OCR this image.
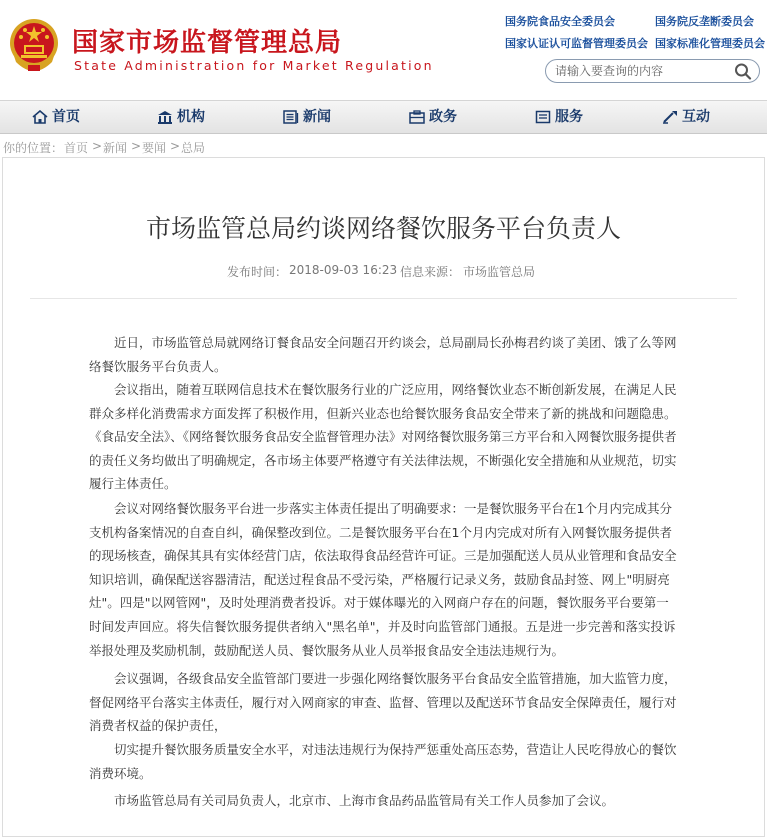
国家市场监督管理总局
State Administration for Market Regulation
国务院食品安全委员会	国务院反垄断委员会
国家认证认可监督管理委员会 国家标准化管理委员会
请输入要查询的内容
首页	机构	新闻	政务	服务	互动
你的位置： 首页 > 新闻 > 要闻 > 总局
市场监管总局约谈网络餐饮服务平台负责人
发布时间： 2018-09-03 16:23 信息来源： 市场监管总局
近日，市场监管总局就网络订餐食品安全问题召开约谈会，总局副局长孙梅君约谈了美团、饿了么等网络餐饮服务平台负责人。
会议指出，随着互联网信息技术在餐饮服务行业的广泛应用，网络餐饮业态不断创新发展，在满足人民群众多样化消费需求方面发挥了积极作用，但新兴业态也给餐饮服务食品安全带来了新的挑战和问题隐患。《食品安全法》、《网络餐饮服务食品安全监督管理办法》对网络餐饮服务第三方平台和入网餐饮服务提供者的责任义务均做出了明确规定，各市场主体要严格遵守有关法律法规，不断强化安全措施和从业规范，切实履行主体责任。
会议对网络餐饮服务平台进一步落实主体责任提出了明确要求：一是餐饮服务平台在1个月内完成其分支机构备案情况的自查自纠，确保整改到位。二是餐饮服务平台在1个月内完成对所有入网餐饮服务提供者的现场核查，确保其具有实体经营门店，依法取得食品经营许可证。三是加强配送人员从业管理和食品安全知识培训，确保配送容器清洁，配送过程食品不受污染，严格履行记录义务，鼓励食品封签、网上"明厨亮灶"。四是"以网管网"，及时处理消费者投诉。对于媒体曝光的入网商户存在的问题，餐饮服务平台要第一时间发声回应。将失信餐饮服务提供者纳入"黑名单"，并及时向监管部门通报。五是进一步完善和落实投诉举报处理及奖励机制，鼓励配送人员、餐饮服务从业人员举报食品安全违法违规行为。
会议强调，各级食品安全监管部门要进一步强化网络餐饮服务平台食品安全监管措施，加大监管力度，督促网络平台落实主体责任，履行对入网商家的审查、监督、管理以及配送环节食品安全保障责任，履行对消费者权益的保护责任，
切实提升餐饮服务质量安全水平，对违法违规行为保持严惩重处高压态势，营造让人民吃得放心的餐饮消费环境。
市场监管总局有关司局负责人，北京市、上海市食品药品监管局有关工作人员参加了会议。
